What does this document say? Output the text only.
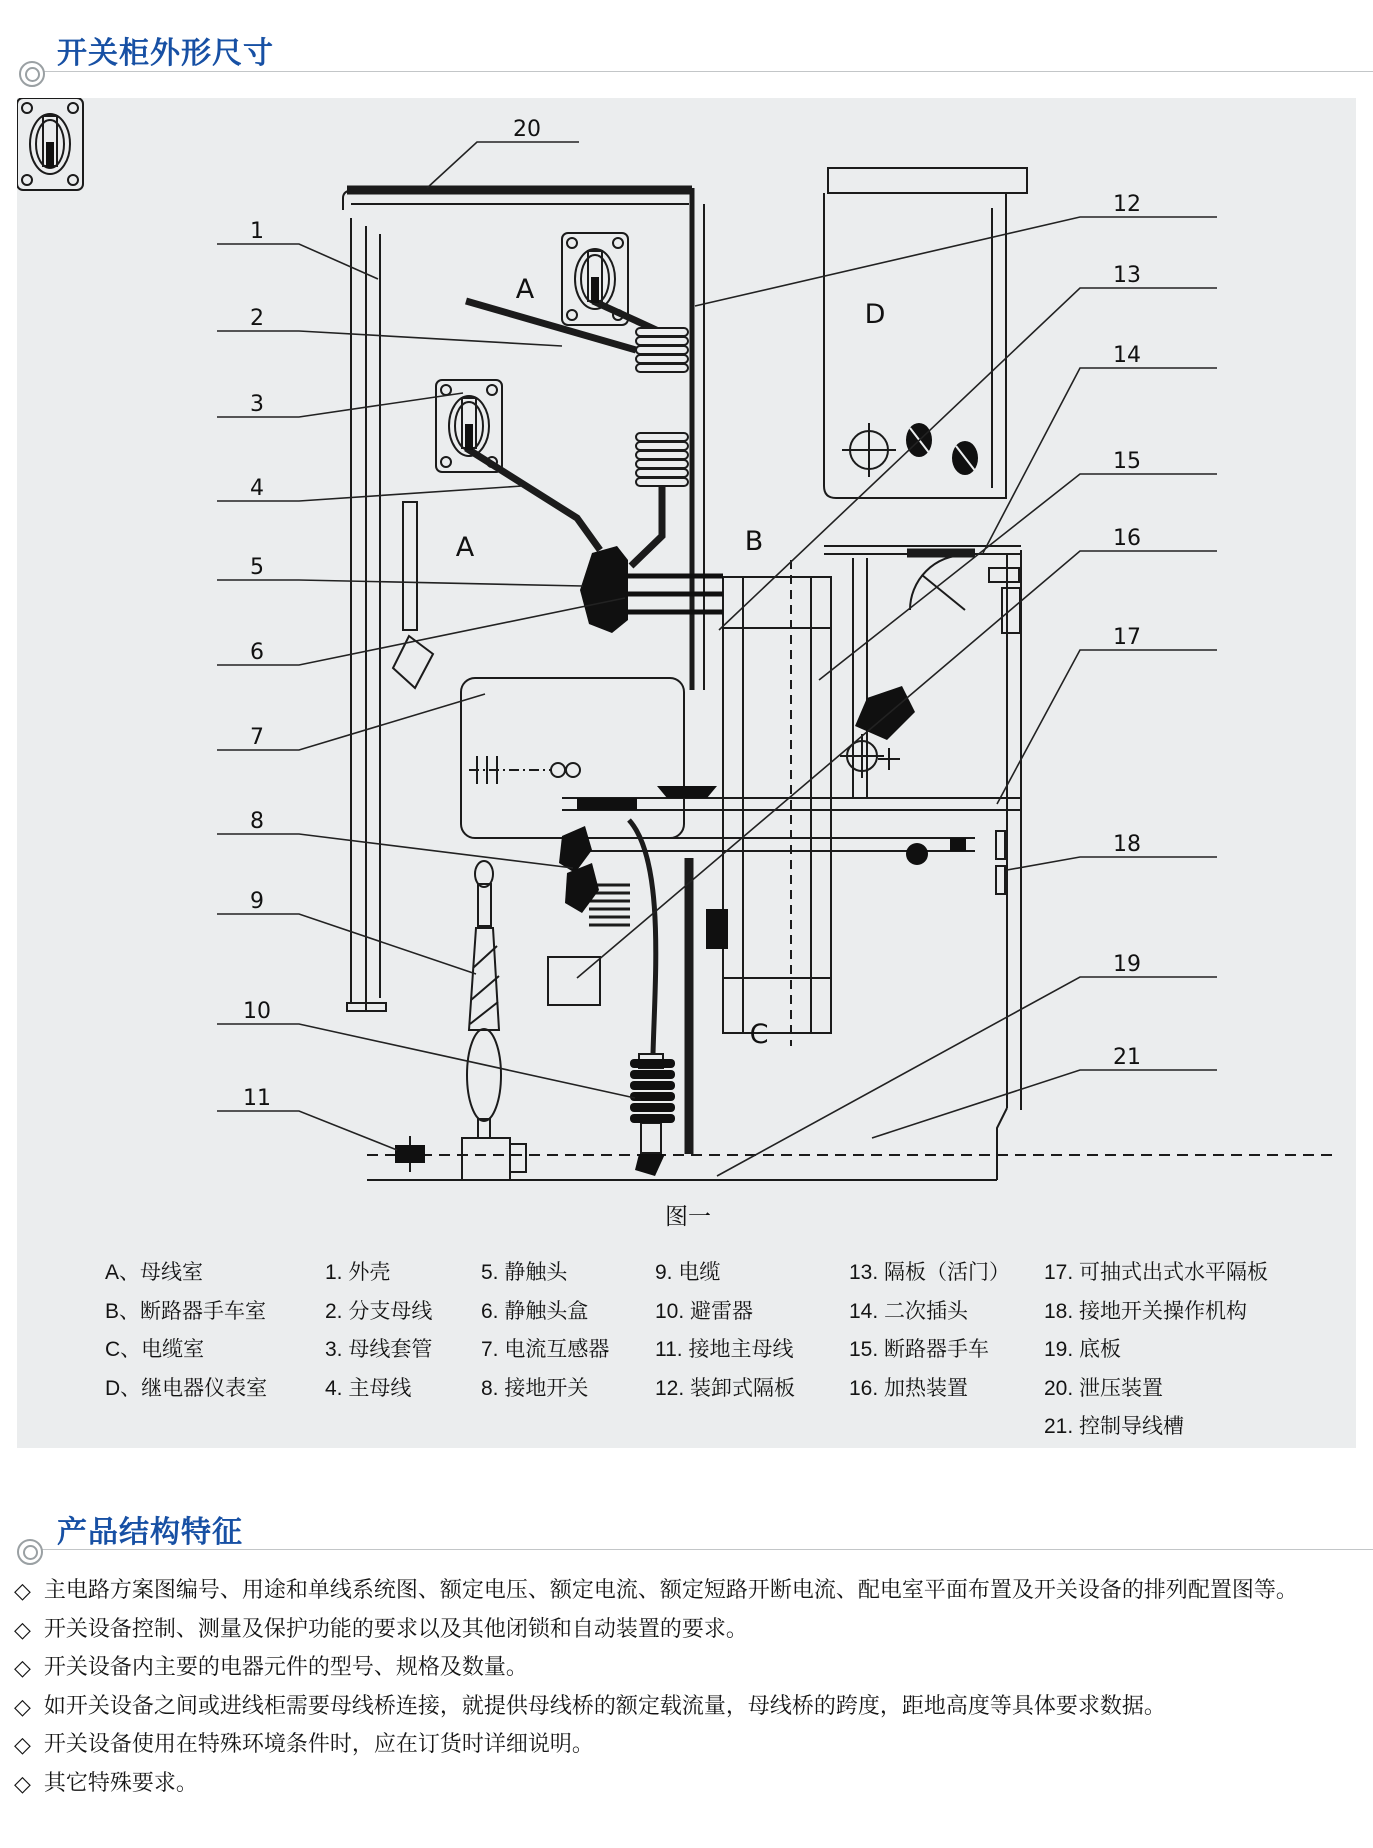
开关柜外形尺寸
1
2
3
4
5
6
7
8
9
10
11
12
13
14
15
16
17
18
19
20
21
A
A	B
C
D
图一
A、母线室
B、断路器手车室
C、电缆室
D、继电器仪表室
1. 外壳
2. 分支母线
3. 母线套管
4. 主母线
5. 静触头
6. 静触头盒
7. 电流互感器
8. 接地开关
9. 电缆
10. 避雷器
11. 接地主母线
12. 装卸式隔板
13. 隔板（活门）
14. 二次插头
15. 断路器手车
16. 加热装置
17. 可抽式出式水平隔板
18. 接地开关操作机构
19. 底板
20. 泄压装置
21. 控制导线槽
产品结构特征
◇ 主电路方案图编号、用途和单线系统图、额定电压、额定电流、额定短路开断电流、配电室平面布置及开关设备的排列配置图等。
◇ 开关设备控制、测量及保护功能的要求以及其他闭锁和自动装置的要求。
◇ 开关设备内主要的电器元件的型号、规格及数量。
◇ 如开关设备之间或进线柜需要母线桥连接，就提供母线桥的额定载流量，母线桥的跨度，距地高度等具体要求数据。
◇ 开关设备使用在特殊环境条件时，应在订货时详细说明。
◇ 其它特殊要求。
